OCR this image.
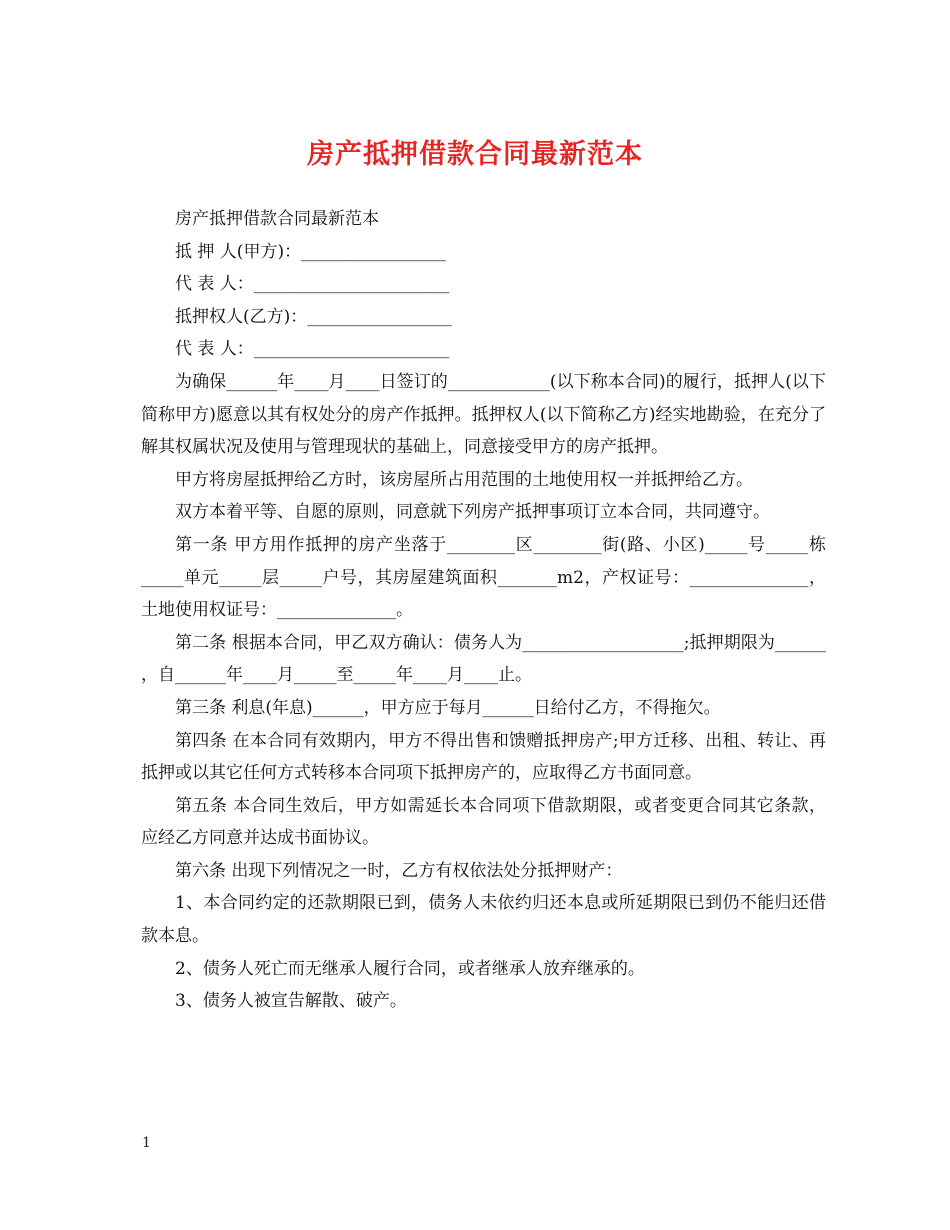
房产抵押借款合同最新范本

房产抵押借款合同最新范本

抵 押 人(甲方)：_________________

代 表 人：_______________________

抵押权人(乙方)：_________________

代 表 人：_______________________

为确保______年____月____日签订的____________(以下称本合同)的履行，抵押人(以下简称甲方)愿意以其有权处分的房产作抵押。抵押权人(以下简称乙方)经实地勘验，在充分了解其权属状况及使用与管理现状的基础上，同意接受甲方的房产抵押。

甲方将房屋抵押给乙方时，该房屋所占用范围的土地使用权一并抵押给乙方。

双方本着平等、自愿的原则，同意就下列房产抵押事项订立本合同，共同遵守。

第一条 甲方用作抵押的房产坐落于________区________街(路、小区)_____号_____栋_____单元_____层_____户号，其房屋建筑面积_______m2，产权证号：______________，土地使用权证号：______________。

第二条 根据本合同，甲乙双方确认：债务人为___________________;抵押期限为______ ，自______年____月_____至_____年____月____止。

第三条 利息(年息)______，甲方应于每月______日给付乙方，不得拖欠。

第四条 在本合同有效期内，甲方不得出售和馈赠抵押房产;甲方迁移、出租、转让、再抵押或以其它任何方式转移本合同项下抵押房产的，应取得乙方书面同意。

第五条 本合同生效后，甲方如需延长本合同项下借款期限，或者变更合同其它条款，应经乙方同意并达成书面协议。

第六条 出现下列情况之一时，乙方有权依法处分抵押财产：

1、本合同约定的还款期限已到，债务人未依约归还本息或所延期限已到仍不能归还借款本息。

2、债务人死亡而无继承人履行合同，或者继承人放弃继承的。

3、债务人被宣告解散、破产。

1
